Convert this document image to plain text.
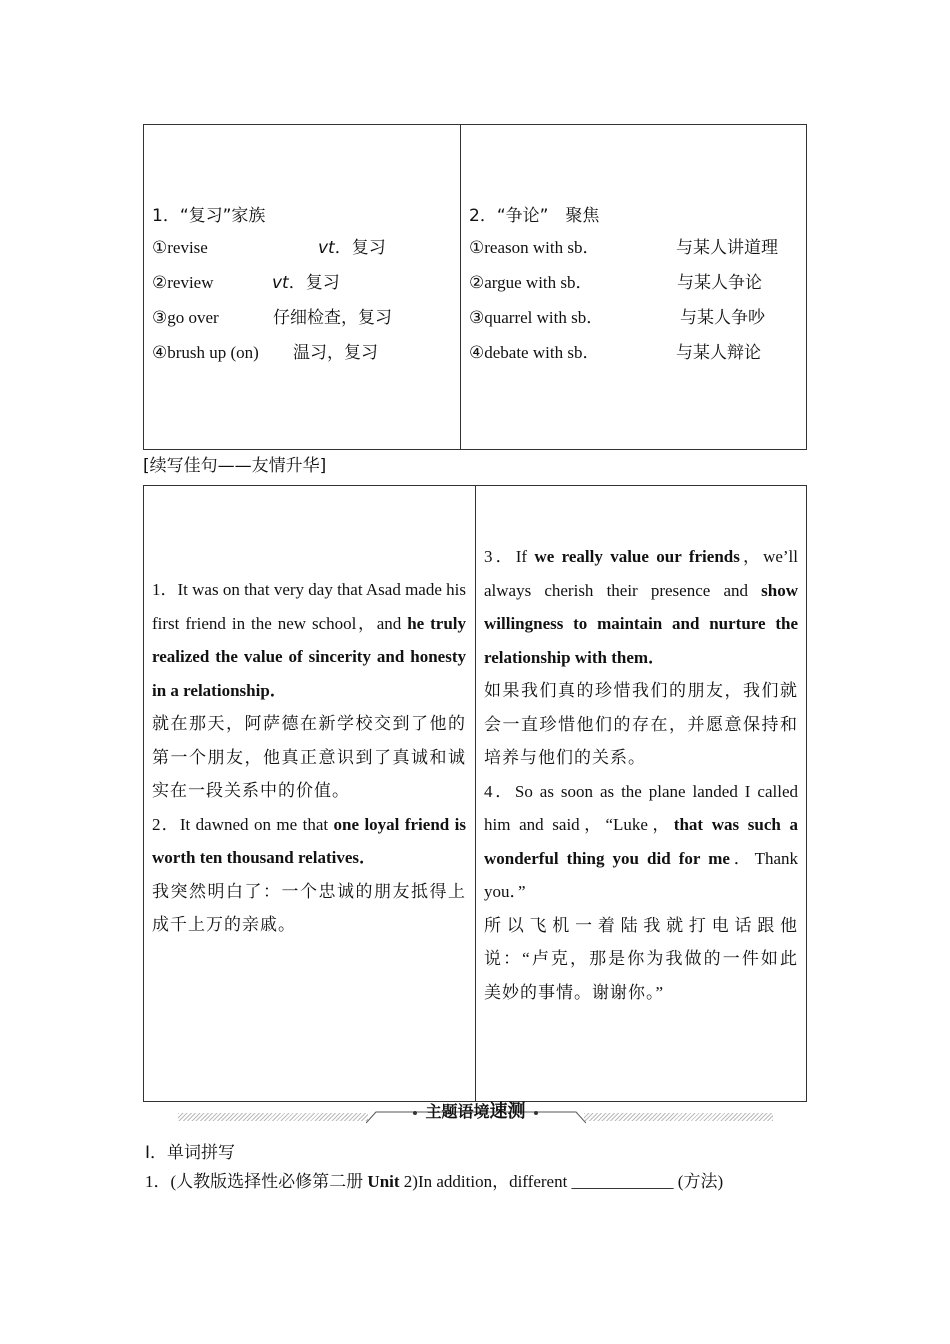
1．“复习”家族
①revise	vt．复习
②review	vt．复习
③go over	仔细检查，复习
④brush up (on) 温习，复习
2．“争论”　聚焦
①reason with sb．	与某人讲道理
②argue with sb．	与某人争论
③quarrel with sb．	与某人争吵
④debate with sb．	与某人辩论
[续写佳句——友情升华]

1．It was on that very day that Asad made his first friend in the new school，and he truly realized the value of sincerity and honesty in a relationship．

就在那天，阿萨德在新学校交到了他的第一个朋友，他真正意识到了真诚和诚实在一段关系中的价值。

2．It dawned on me that one loyal friend is worth ten thousand relatives．

我突然明白了：一个忠诚的朋友抵得上成千上万的亲戚。

3．If we really value our friends，we’ll always cherish their presence and show willingness to maintain and nurture the relationship with them．

如果我们真的珍惜我们的朋友，我们就会一直珍惜他们的存在，并愿意保持和培养与他们的关系。

4．So as soon as the plane landed I called him and said，“Luke，that was such a wonderful thing you did for me．Thank you．”

所以飞机一着陆我就打电话跟他说：“卢克，那是你为我做的一件如此美妙的事情。谢谢你。”

主题语境速测
Ⅰ．单词拼写
1．(人教版选择性必修第二册 Unit 2)In addition，different ____________ (方法)
